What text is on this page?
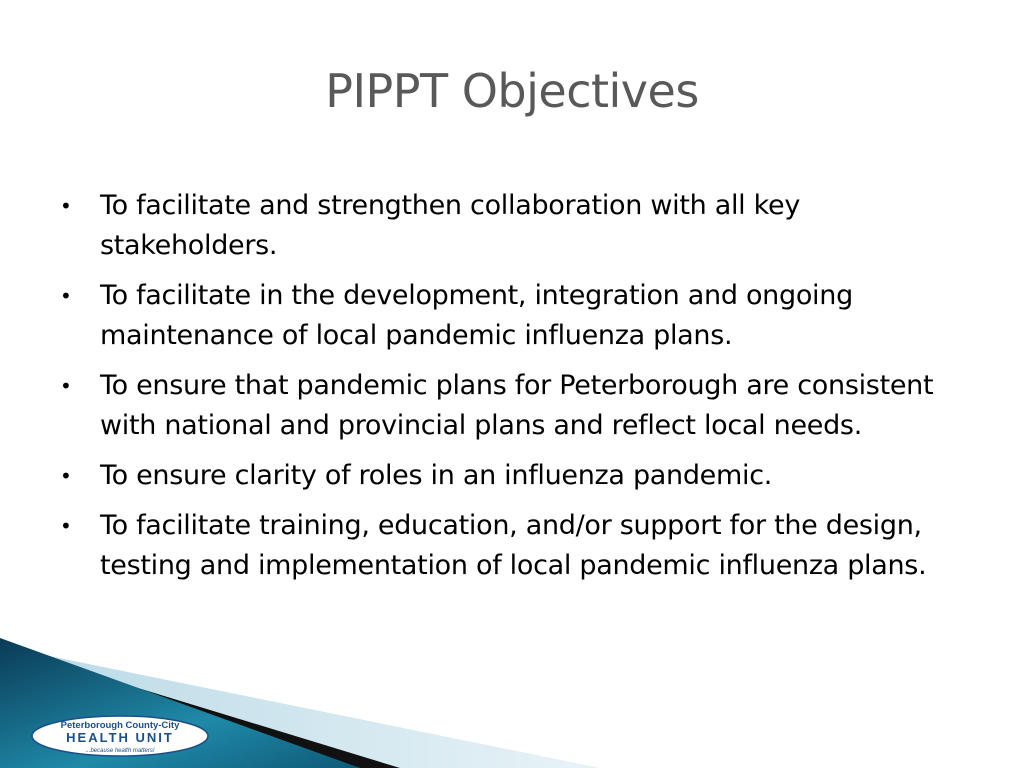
PIPPT Objectives
• To facilitate and strengthen collaboration with all key stakeholders.
• To facilitate in the development, integration and ongoing maintenance of local pandemic influenza plans.
• To ensure that pandemic plans for Peterborough are consistent with national and provincial plans and reflect local needs.
• To ensure clarity of roles in an influenza pandemic.
• To facilitate training, education, and/or support for the design, testing and implementation of local pandemic influenza plans.
Peterborough County-City
HEALTH UNIT
...because health matters!
